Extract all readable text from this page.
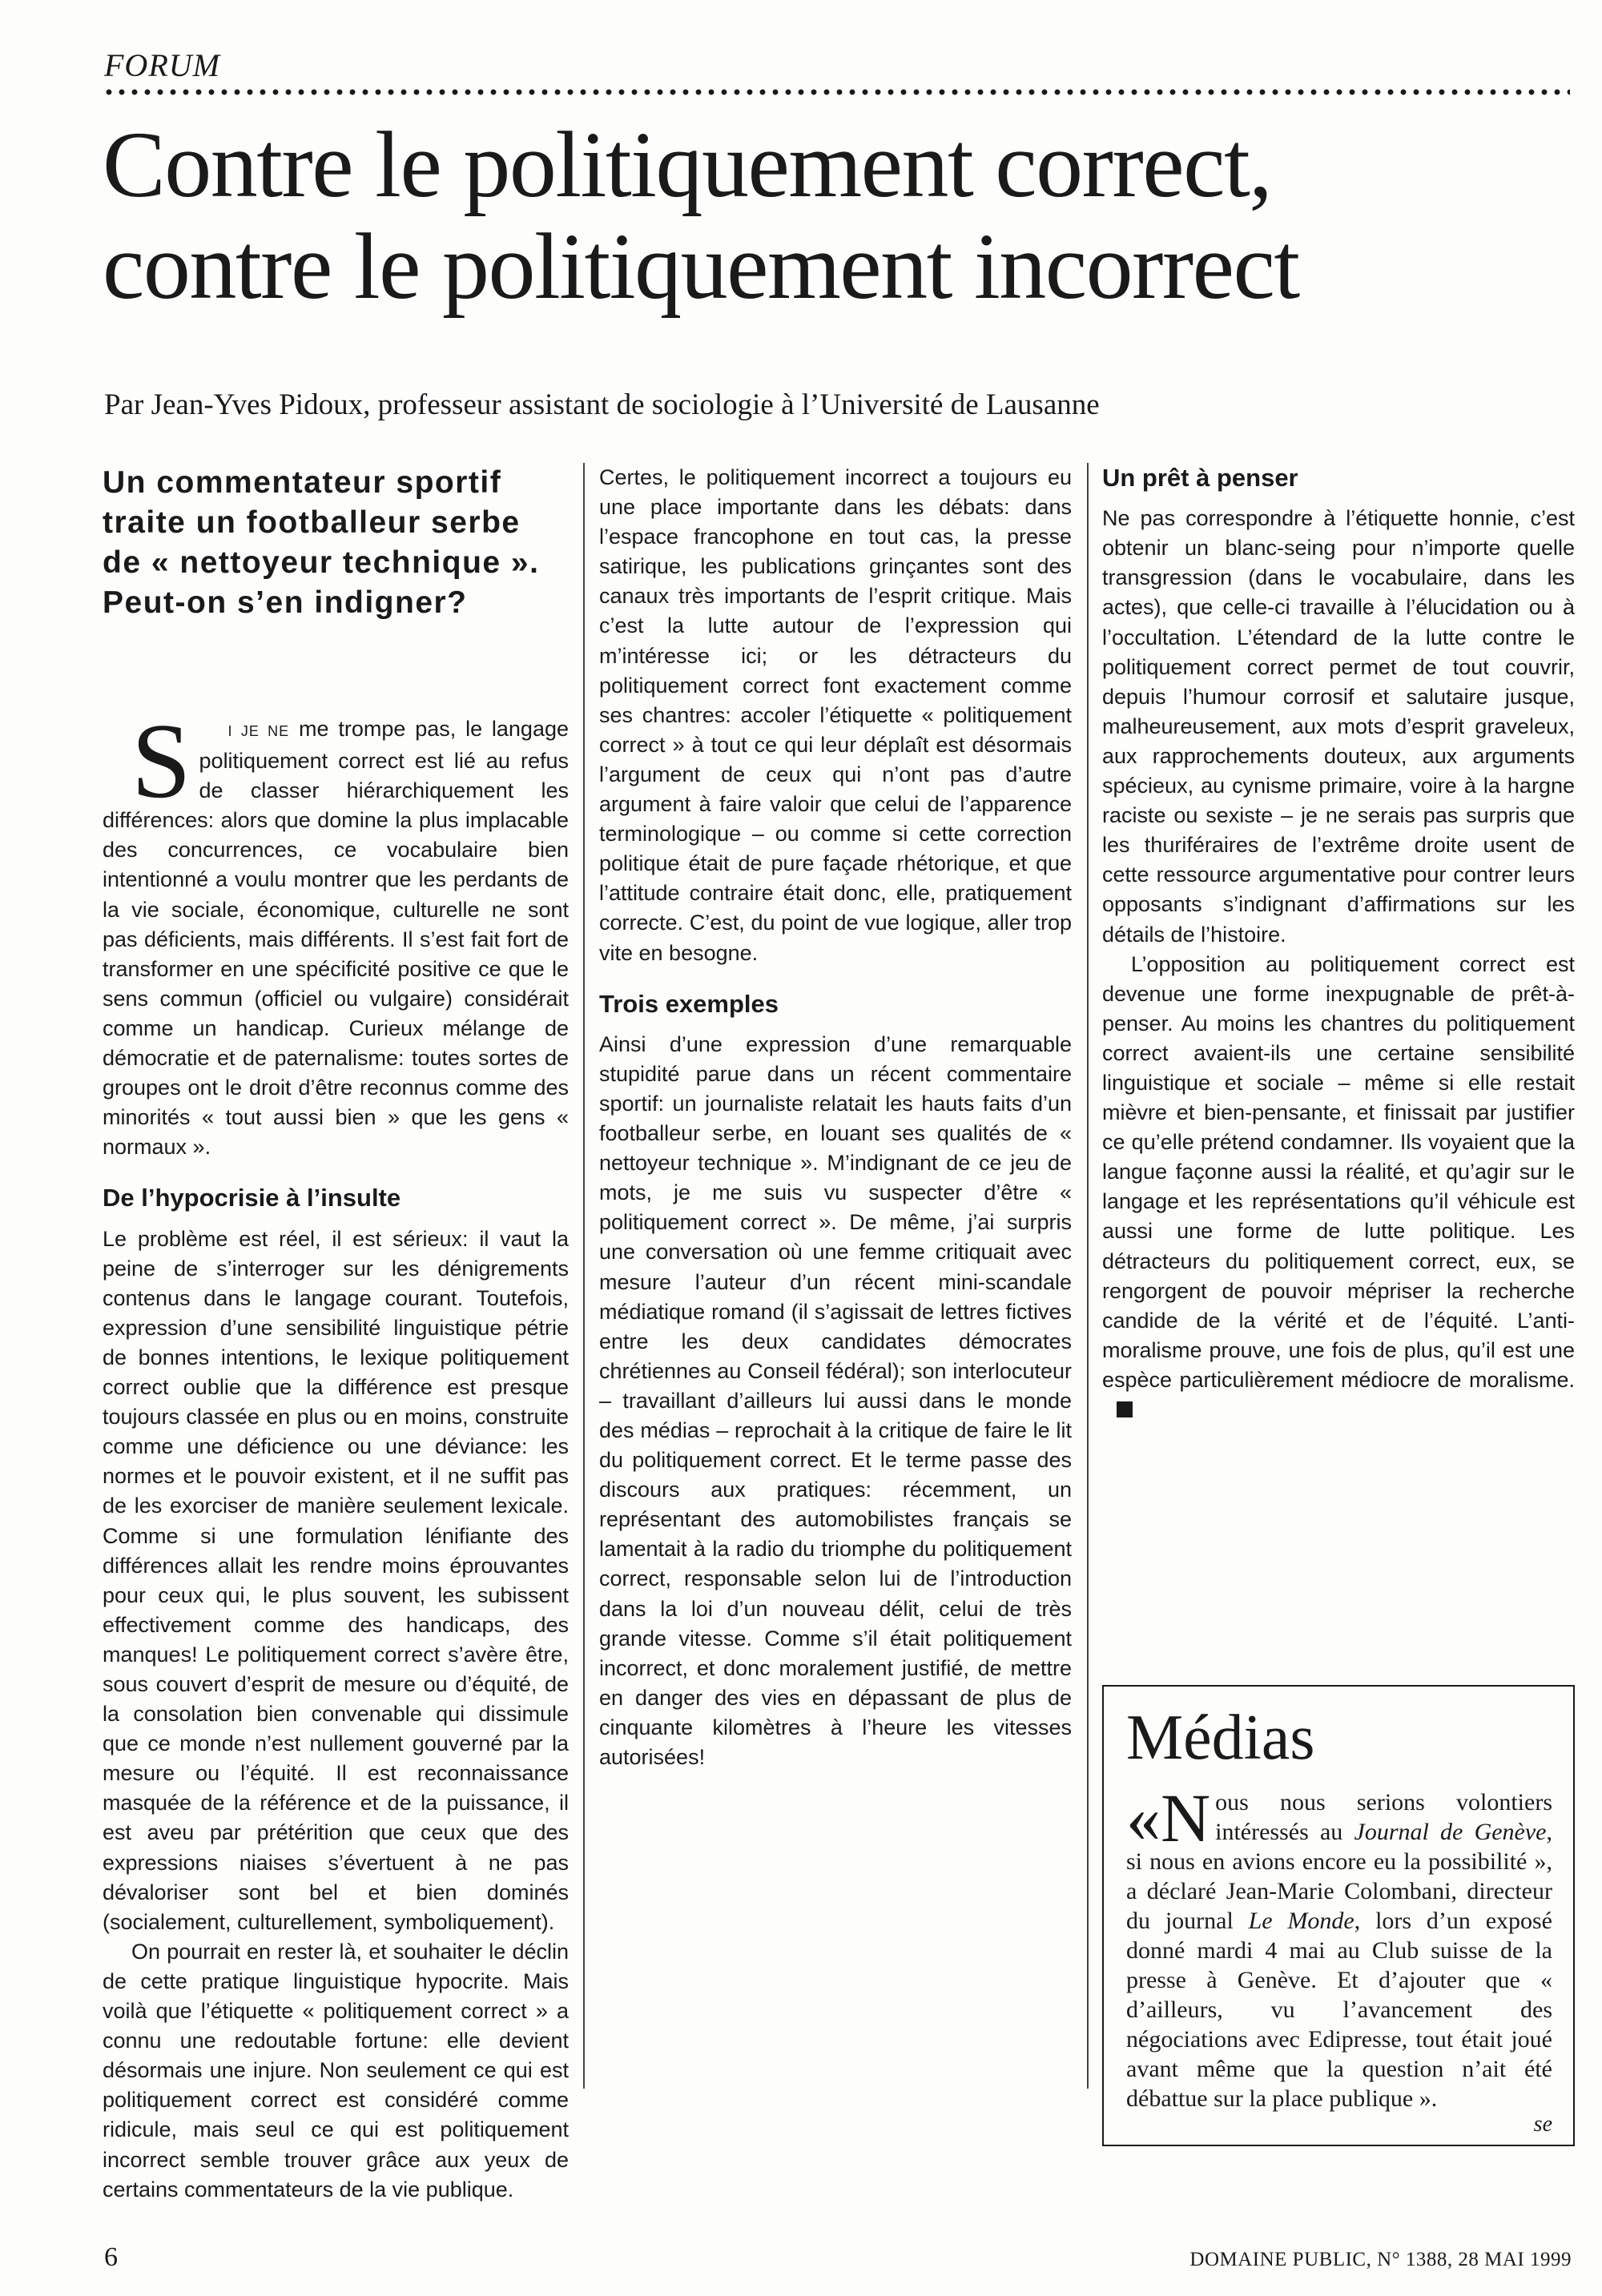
FORUM

Contre le politiquement correct,
contre le politiquement incorrect

Par Jean-Yves Pidoux, professeur assistant de sociologie à l’Université de Lausanne

Un commentateur sportif traite un footballeur serbe de « nettoyeur technique ». Peut-on s’en indigner?

S	I JE NE me trompe pas, le langage politiquement correct est lié au refus de classer hiérarchiquement les différences: alors que domine la plus implacable des concurrences, ce vocabulaire bien intentionné a voulu montrer que les perdants de la vie sociale, économique, culturelle ne sont pas déficients, mais différents. Il s’est fait fort de transformer en une spécificité positive ce que le sens commun (officiel ou vulgaire) considérait comme un handicap. Curieux mélange de démocratie et de paternalisme: toutes sortes de groupes ont le droit d’être reconnus comme des minorités « tout aussi bien » que les gens « normaux ».

De l’hypocrisie à l’insulte

Le problème est réel, il est sérieux: il vaut la peine de s’interroger sur les dénigrements contenus dans le langage courant. Toutefois, expression d’une sensibilité linguistique pétrie de bonnes intentions, le lexique politiquement correct oublie que la différence est presque toujours classée en plus ou en moins, construite comme une déficience ou une déviance: les normes et le pouvoir existent, et il ne suffit pas de les exorciser de manière seulement lexicale. Comme si une formulation lénifiante des différences allait les rendre moins éprouvantes pour ceux qui, le plus souvent, les subissent effectivement comme des handicaps, des manques! Le politiquement correct s’avère être, sous couvert d’esprit de mesure ou d’équité, de la consolation bien convenable qui dissimule que ce monde n’est nullement gouverné par la mesure ou l’équité. Il est reconnaissance masquée de la référence et de la puissance, il est aveu par prétérition que ceux que des expressions niaises s’évertuent à ne pas dévaloriser sont bel et bien dominés (socialement, culturellement, symboliquement).

On pourrait en rester là, et souhaiter le déclin de cette pratique linguistique hypocrite. Mais voilà que l’étiquette « politiquement correct » a connu une redoutable fortune: elle devient désormais une injure. Non seulement ce qui est politiquement correct est considéré comme ridicule, mais seul ce qui est politiquement incorrect semble trouver grâce aux yeux de certains commentateurs de la vie publique.

Certes, le politiquement incorrect a toujours eu une place importante dans les débats: dans l’espace francophone en tout cas, la presse satirique, les publications grinçantes sont des canaux très importants de l’esprit critique. Mais c’est la lutte autour de l’expression qui m’intéresse ici; or les détracteurs du politiquement correct font exactement comme ses chantres: accoler l’étiquette « politiquement correct » à tout ce qui leur déplaît est désormais l’argument de ceux qui n’ont pas d’autre argument à faire valoir que celui de l’apparence terminologique – ou comme si cette correction politique était de pure façade rhétorique, et que l’attitude contraire était donc, elle, pratiquement correcte. C’est, du point de vue logique, aller trop vite en besogne.

Trois exemples

Ainsi d’une expression d’une remarquable stupidité parue dans un récent commentaire sportif: un journaliste relatait les hauts faits d’un footballeur serbe, en louant ses qualités de « nettoyeur technique ». M’indignant de ce jeu de mots, je me suis vu suspecter d’être « politiquement correct ». De même, j’ai surpris une conversation où une femme critiquait avec mesure l’auteur d’un récent mini-scandale médiatique romand (il s’agissait de lettres fictives entre les deux candidates démocrates chrétiennes au Conseil fédéral); son interlocuteur – travaillant d’ailleurs lui aussi dans le monde des médias – reprochait à la critique de faire le lit du politiquement correct. Et le terme passe des discours aux pratiques: récemment, un représentant des automobilistes français se lamentait à la radio du triomphe du politiquement correct, responsable selon lui de l’introduction dans la loi d’un nouveau délit, celui de très grande vitesse. Comme s’il était politiquement incorrect, et donc moralement justifié, de mettre en danger des vies en dépassant de plus de cinquante kilomètres à l’heure les vitesses autorisées!

Un prêt à penser

Ne pas correspondre à l’étiquette honnie, c’est obtenir un blanc-seing pour n’importe quelle transgression (dans le vocabulaire, dans les actes), que celle-ci travaille à l’élucidation ou à l’occultation. L’étendard de la lutte contre le politiquement correct permet de tout couvrir, depuis l’humour corrosif et salutaire jusque, malheureusement, aux mots d’esprit graveleux, aux rapprochements douteux, aux arguments spécieux, au cynisme primaire, voire à la hargne raciste ou sexiste – je ne serais pas surpris que les thuriféraires de l’extrême droite usent de cette ressource argumentative pour contrer leurs opposants s’indignant d’affirmations sur les détails de l’histoire.

L’opposition au politiquement correct est devenue une forme inexpugnable de prêt-à-penser. Au moins les chantres du politiquement correct avaient-ils une certaine sensibilité linguistique et sociale – même si elle restait mièvre et bien-pensante, et finissait par justifier ce qu’elle prétend condamner. Ils voyaient que la langue façonne aussi la réalité, et qu’agir sur le langage et les représentations qu’il véhicule est aussi une forme de lutte politique. Les détracteurs du politiquement correct, eux, se rengorgent de pouvoir mépriser la recherche candide de la vérité et de l’équité. L’anti-moralisme prouve, une fois de plus, qu’il est une espèce particulièrement médiocre de moralisme.

Médias

«N ous nous serions volontiers intéressés au Journal de Genève, si nous en avions encore eu la possibilité », a déclaré Jean-Marie Colombani, directeur du journal Le Monde, lors d’un exposé donné mardi 4 mai au Club suisse de la presse à Genève. Et d’ajouter que « d’ailleurs, vu l’avancement des négociations avec Edipresse, tout était joué avant même que la question n’ait été débattue sur la place publique ».

se

6	DOMAINE PUBLIC, N° 1388, 28 MAI 1999
